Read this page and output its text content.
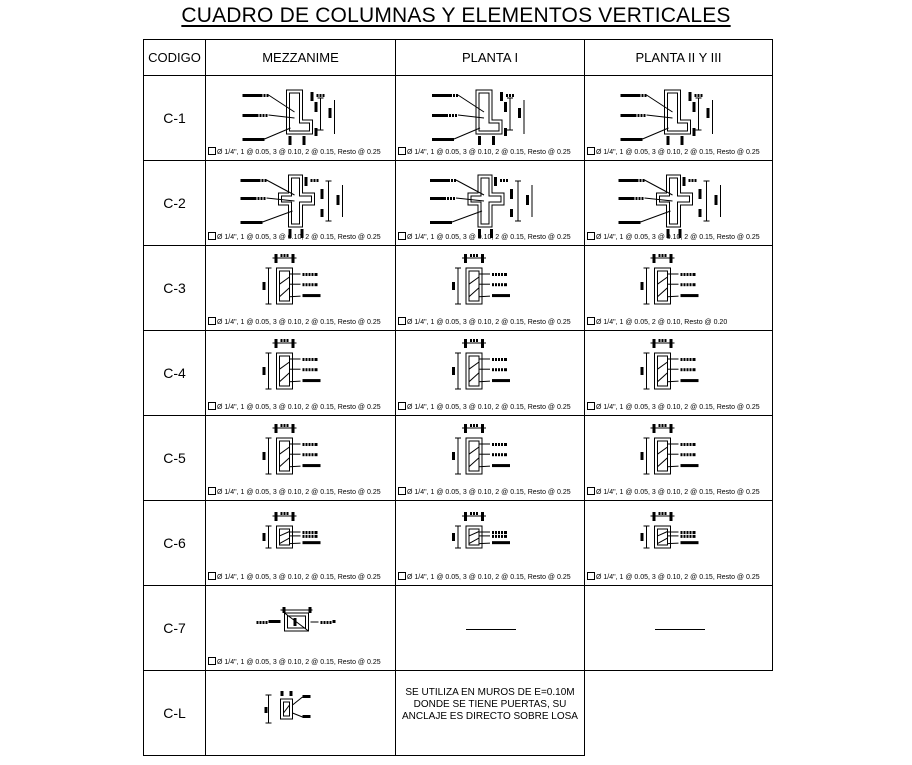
CUADRO DE COLUMNAS Y ELEMENTOS VERTICALES
CODIGO	MEZZANIME	PLANTA I	PLANTA II Y III
C-1	Ø 1/4", 1 @ 0.05, 3 @ 0.10, 2 @ 0.15, Resto @ 0.25	Ø 1/4", 1 @ 0.05, 3 @ 0.10, 2 @ 0.15, Resto @ 0.25	Ø 1/4", 1 @ 0.05, 3 @ 0.10, 2 @ 0.15, Resto @ 0.25

C-2	Ø 1/4", 1 @ 0.05, 3 @ 0.10, 2 @ 0.15, Resto @ 0.25	Ø 1/4", 1 @ 0.05, 3 @ 0.10, 2 @ 0.15, Resto @ 0.25	Ø 1/4", 1 @ 0.05, 3 @ 0.10, 2 @ 0.15, Resto @ 0.25

C-3	Ø 1/4", 1 @ 0.05, 3 @ 0.10, 2 @ 0.15, Resto @ 0.25	Ø 1/4", 1 @ 0.05, 3 @ 0.10, 2 @ 0.15, Resto @ 0.25	Ø 1/4", 1 @ 0.05, 2 @ 0.10, Resto @ 0.20

C-4	Ø 1/4", 1 @ 0.05, 3 @ 0.10, 2 @ 0.15, Resto @ 0.25	Ø 1/4", 1 @ 0.05, 3 @ 0.10, 2 @ 0.15, Resto @ 0.25	Ø 1/4", 1 @ 0.05, 3 @ 0.10, 2 @ 0.15, Resto @ 0.25

C-5	Ø 1/4", 1 @ 0.05, 3 @ 0.10, 2 @ 0.15, Resto @ 0.25	Ø 1/4", 1 @ 0.05, 3 @ 0.10, 2 @ 0.15, Resto @ 0.25	Ø 1/4", 1 @ 0.05, 3 @ 0.10, 2 @ 0.15, Resto @ 0.25

C-6	Ø 1/4", 1 @ 0.05, 3 @ 0.10, 2 @ 0.15, Resto @ 0.25	Ø 1/4", 1 @ 0.05, 3 @ 0.10, 2 @ 0.15, Resto @ 0.25	Ø 1/4", 1 @ 0.05, 3 @ 0.10, 2 @ 0.15, Resto @ 0.25

C-7	Ø 1/4", 1 @ 0.05, 3 @ 0.10, 2 @ 0.15, Resto @ 0.25		

C-L		SE UTILIZA EN MUROS DE E=0.10M DONDE SE TIENE PUERTAS, SU ANCLAJE ES DIRECTO SOBRE LOSA	
